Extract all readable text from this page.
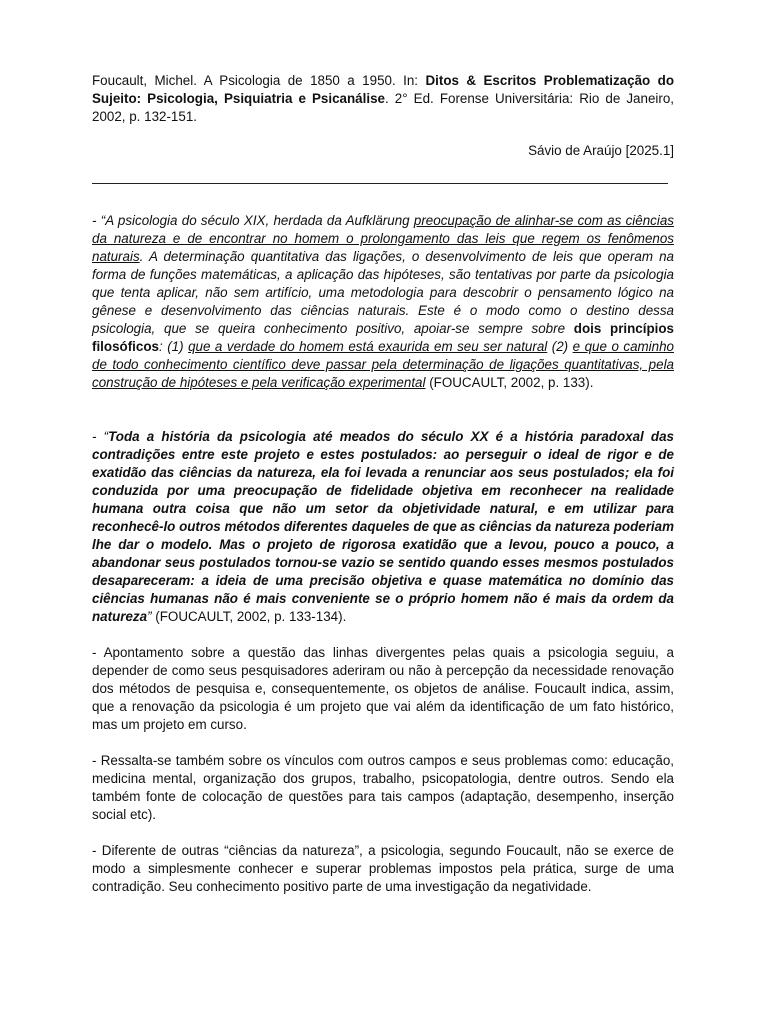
Foucault, Michel. A Psicologia de 1850 a 1950. In: Ditos & Escritos Problematização do Sujeito: Psicologia, Psiquiatria e Psicanálise. 2° Ed. Forense Universitária: Rio de Janeiro, 2002, p. 132-151.

Sávio de Araújo [2025.1]

- “A psicologia do século XIX, herdada da Aufklärung preocupação de alinhar-se com as ciências da natureza e de encontrar no homem o prolongamento das leis que regem os fenômenos naturais. A determinação quantitativa das ligações, o desenvolvimento de leis que operam na forma de funções matemáticas, a aplicação das hipóteses, são tentativas por parte da psicologia que tenta aplicar, não sem artifício, uma metodologia para descobrir o pensamento lógico na gênese e desenvolvimento das ciências naturais. Este é o modo como o destino dessa psicologia, que se queira conhecimento positivo, apoiar-se sempre sobre dois princípios filosóficos: (1) que a verdade do homem está exaurida em seu ser natural (2) e que o caminho de todo conhecimento científico deve passar pela determinação de ligações quantitativas, pela construção de hipóteses e pela verificação experimental (FOUCAULT, 2002, p. 133).

- “Toda a história da psicologia até meados do século XX é a história paradoxal das contradições entre este projeto e estes postulados: ao perseguir o ideal de rigor e de exatidão das ciências da natureza, ela foi levada a renunciar aos seus postulados; ela foi conduzida por uma preocupação de fidelidade objetiva em reconhecer na realidade humana outra coisa que não um setor da objetividade natural, e em utilizar para reconhecê-lo outros métodos diferentes daqueles de que as ciências da natureza poderiam lhe dar o modelo. Mas o projeto de rigorosa exatidão que a levou, pouco a pouco, a abandonar seus postulados tornou-se vazio se sentido quando esses mesmos postulados desapareceram: a ideia de uma precisão objetiva e quase matemática no domínio das ciências humanas não é mais conveniente se o próprio homem não é mais da ordem da natureza” (FOUCAULT, 2002, p. 133-134).

- Apontamento sobre a questão das linhas divergentes pelas quais a psicologia seguiu, a depender de como seus pesquisadores aderiram ou não à percepção da necessidade renovação dos métodos de pesquisa e, consequentemente, os objetos de análise. Foucault indica, assim, que a renovação da psicologia é um projeto que vai além da identificação de um fato histórico, mas um projeto em curso.

- Ressalta-se também sobre os vínculos com outros campos e seus problemas como: educação, medicina mental, organização dos grupos, trabalho, psicopatologia, dentre outros. Sendo ela também fonte de colocação de questões para tais campos (adaptação, desempenho, inserção social etc).

- Diferente de outras “ciências da natureza”, a psicologia, segundo Foucault, não se exerce de modo a simplesmente conhecer e superar problemas impostos pela prática, surge de uma contradição. Seu conhecimento positivo parte de uma investigação da negatividade.
